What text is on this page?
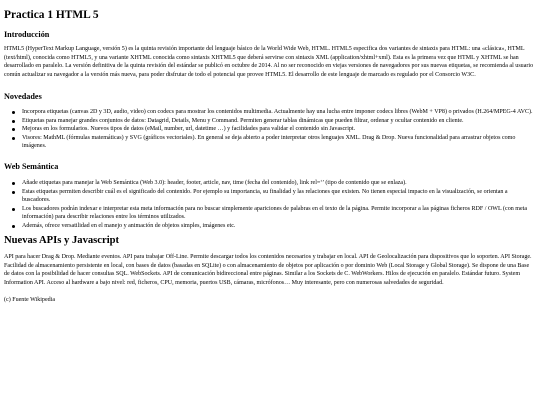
Practica 1 HTML 5
Introducción

HTML5 (HyperText Markup Language, versión 5) es la quinta revisión importante del lenguaje básico de la World Wide Web, HTML. HTML5 especifica dos variantes de sintaxis para HTML: una «clásica», HTML (text/html), conocida como HTML5, y una variante XHTML conocida como sintaxis XHTML5 que deberá servirse con sintaxis XML (application/xhtml+xml). Esta es la primera vez que HTML y XHTML se han desarrollado en paralelo. La versión definitiva de la quinta revisión del estándar se publicó en octubre de 2014. Al no ser reconocido en viejas versiones de navegadores por sus nuevas etiquetas, se recomienda al usuario común actualizar su navegador a la versión más nueva, para poder disfrutar de todo el potencial que provee HTML5. El desarrollo de este lenguaje de marcado es regulado por el Consorcio W3C.

Novedades
Incorpora etiquetas (canvas 2D y 3D, audio, video) con codecs para mostrar los contenidos multimedia. Actualmente hay una lucha entre imponer codecs libres (WebM + VP8) o privados (H.264/MPEG-4 AVC).
Etiquetas para manejar grandes conjuntos de datos: Datagrid, Details, Menu y Command. Permiten generar tablas dinámicas que pueden filtrar, ordenar y ocultar contenido en cliente.
Mejoras en los formularios. Nuevos tipos de datos (eMail, number, url, datetime …) y facilidades para validar el contenido sin Javascript.
Visores: MathML (fórmulas matemáticas) y SVG (gráficos vectoriales). En general se deja abierto a poder interpretar otros lenguajes XML. Drag & Drop. Nueva funcionalidad para arrastrar objetos como imágenes.
Web Semántica
Añade etiquetas para manejar la Web Semántica (Web 3.0): header, footer, article, nav, time (fecha del contenido), link rel=‘’ (tipo de contenido que se enlaza).
Estas etiquetas permiten describir cuál es el significado del contenido. Por ejemplo su importancia, su finalidad y las relaciones que existen. No tienen especial impacto en la visualización, se orientan a buscadores.
Los buscadores podrán indexar e interpretar esta meta información para no buscar simplemente apariciones de palabras en el texto de la página. Permite incorporar a las páginas ficheros RDF / OWL (con meta información) para describir relaciones entre los términos utilizados.
Además, ofrece versatilidad en el manejo y animación de objetos simples, imágenes etc.
Nuevas APIs y Javascript

API para hacer Drag & Drop. Mediante eventos. API para trabajar Off-Line. Permite descargar todos los contenidos necesarios y trabajar en local. API de Geolocalización para dispositivos que lo soporten. API Storage. Facilidad de almacenamiento persistente en local, con bases de datos (basadas en SQLite) o con almacenamiento de objetos por aplicación o por dominio Web (Local Storage y Global Storage). Se dispone de una Base de datos con la posibilidad de hacer consultas SQL. WebSockets. API de comunicación bidireccional entre páginas. Similar a los Sockets de C. WebWorkers. Hilos de ejecución en paralelo. Estándar futuro. System Information API. Acceso al hardware a bajo nivel: red, ficheros, CPU, memoria, puertos USB, cámaras, micrófonos… Muy interesante, pero con numerosas salvedades de seguridad.

(c) Fuente Wikipedia
